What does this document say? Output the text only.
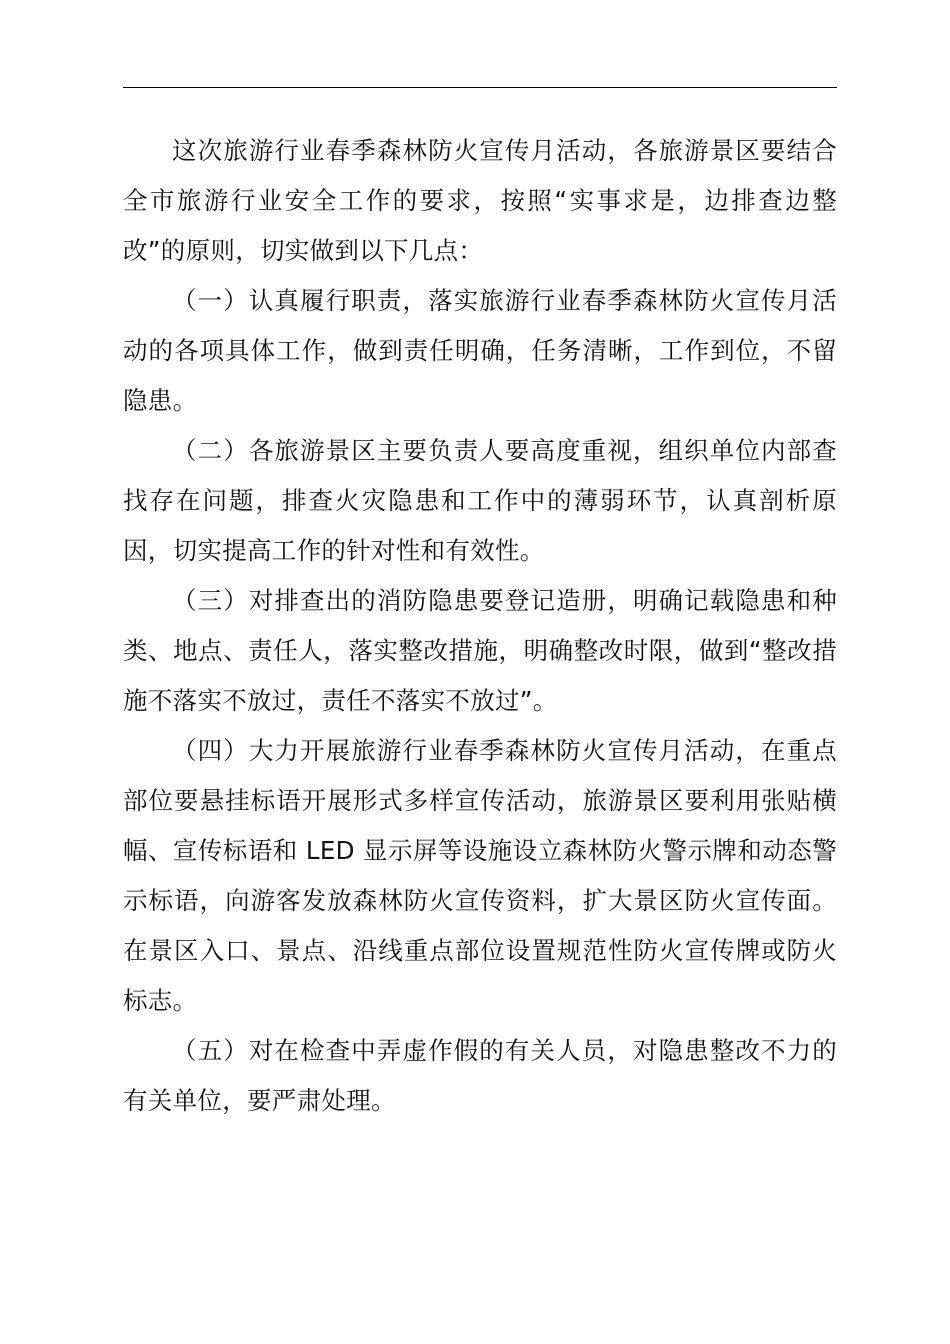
这次旅游行业春季森林防火宣传月活动，各旅游景区要结合全市旅游行业安全工作的要求，按照“实事求是，边排查边整改”的原则，切实做到以下几点：

（一）认真履行职责，落实旅游行业春季森林防火宣传月活动的各项具体工作，做到责任明确，任务清晰，工作到位，不留隐患。

（二）各旅游景区主要负责人要高度重视，组织单位内部查找存在问题，排查火灾隐患和工作中的薄弱环节，认真剖析原因，切实提高工作的针对性和有效性。

（三）对排查出的消防隐患要登记造册，明确记载隐患和种类、地点、责任人，落实整改措施，明确整改时限，做到“整改措施不落实不放过，责任不落实不放过”。

（四）大力开展旅游行业春季森林防火宣传月活动，在重点部位要悬挂标语开展形式多样宣传活动，旅游景区要利用张贴横幅、宣传标语和 LED 显示屏等设施设立森林防火警示牌和动态警示标语，向游客发放森林防火宣传资料，扩大景区防火宣传面。在景区入口、景点、沿线重点部位设置规范性防火宣传牌或防火标志。

（五）对在检查中弄虚作假的有关人员，对隐患整改不力的有关单位，要严肃处理。
